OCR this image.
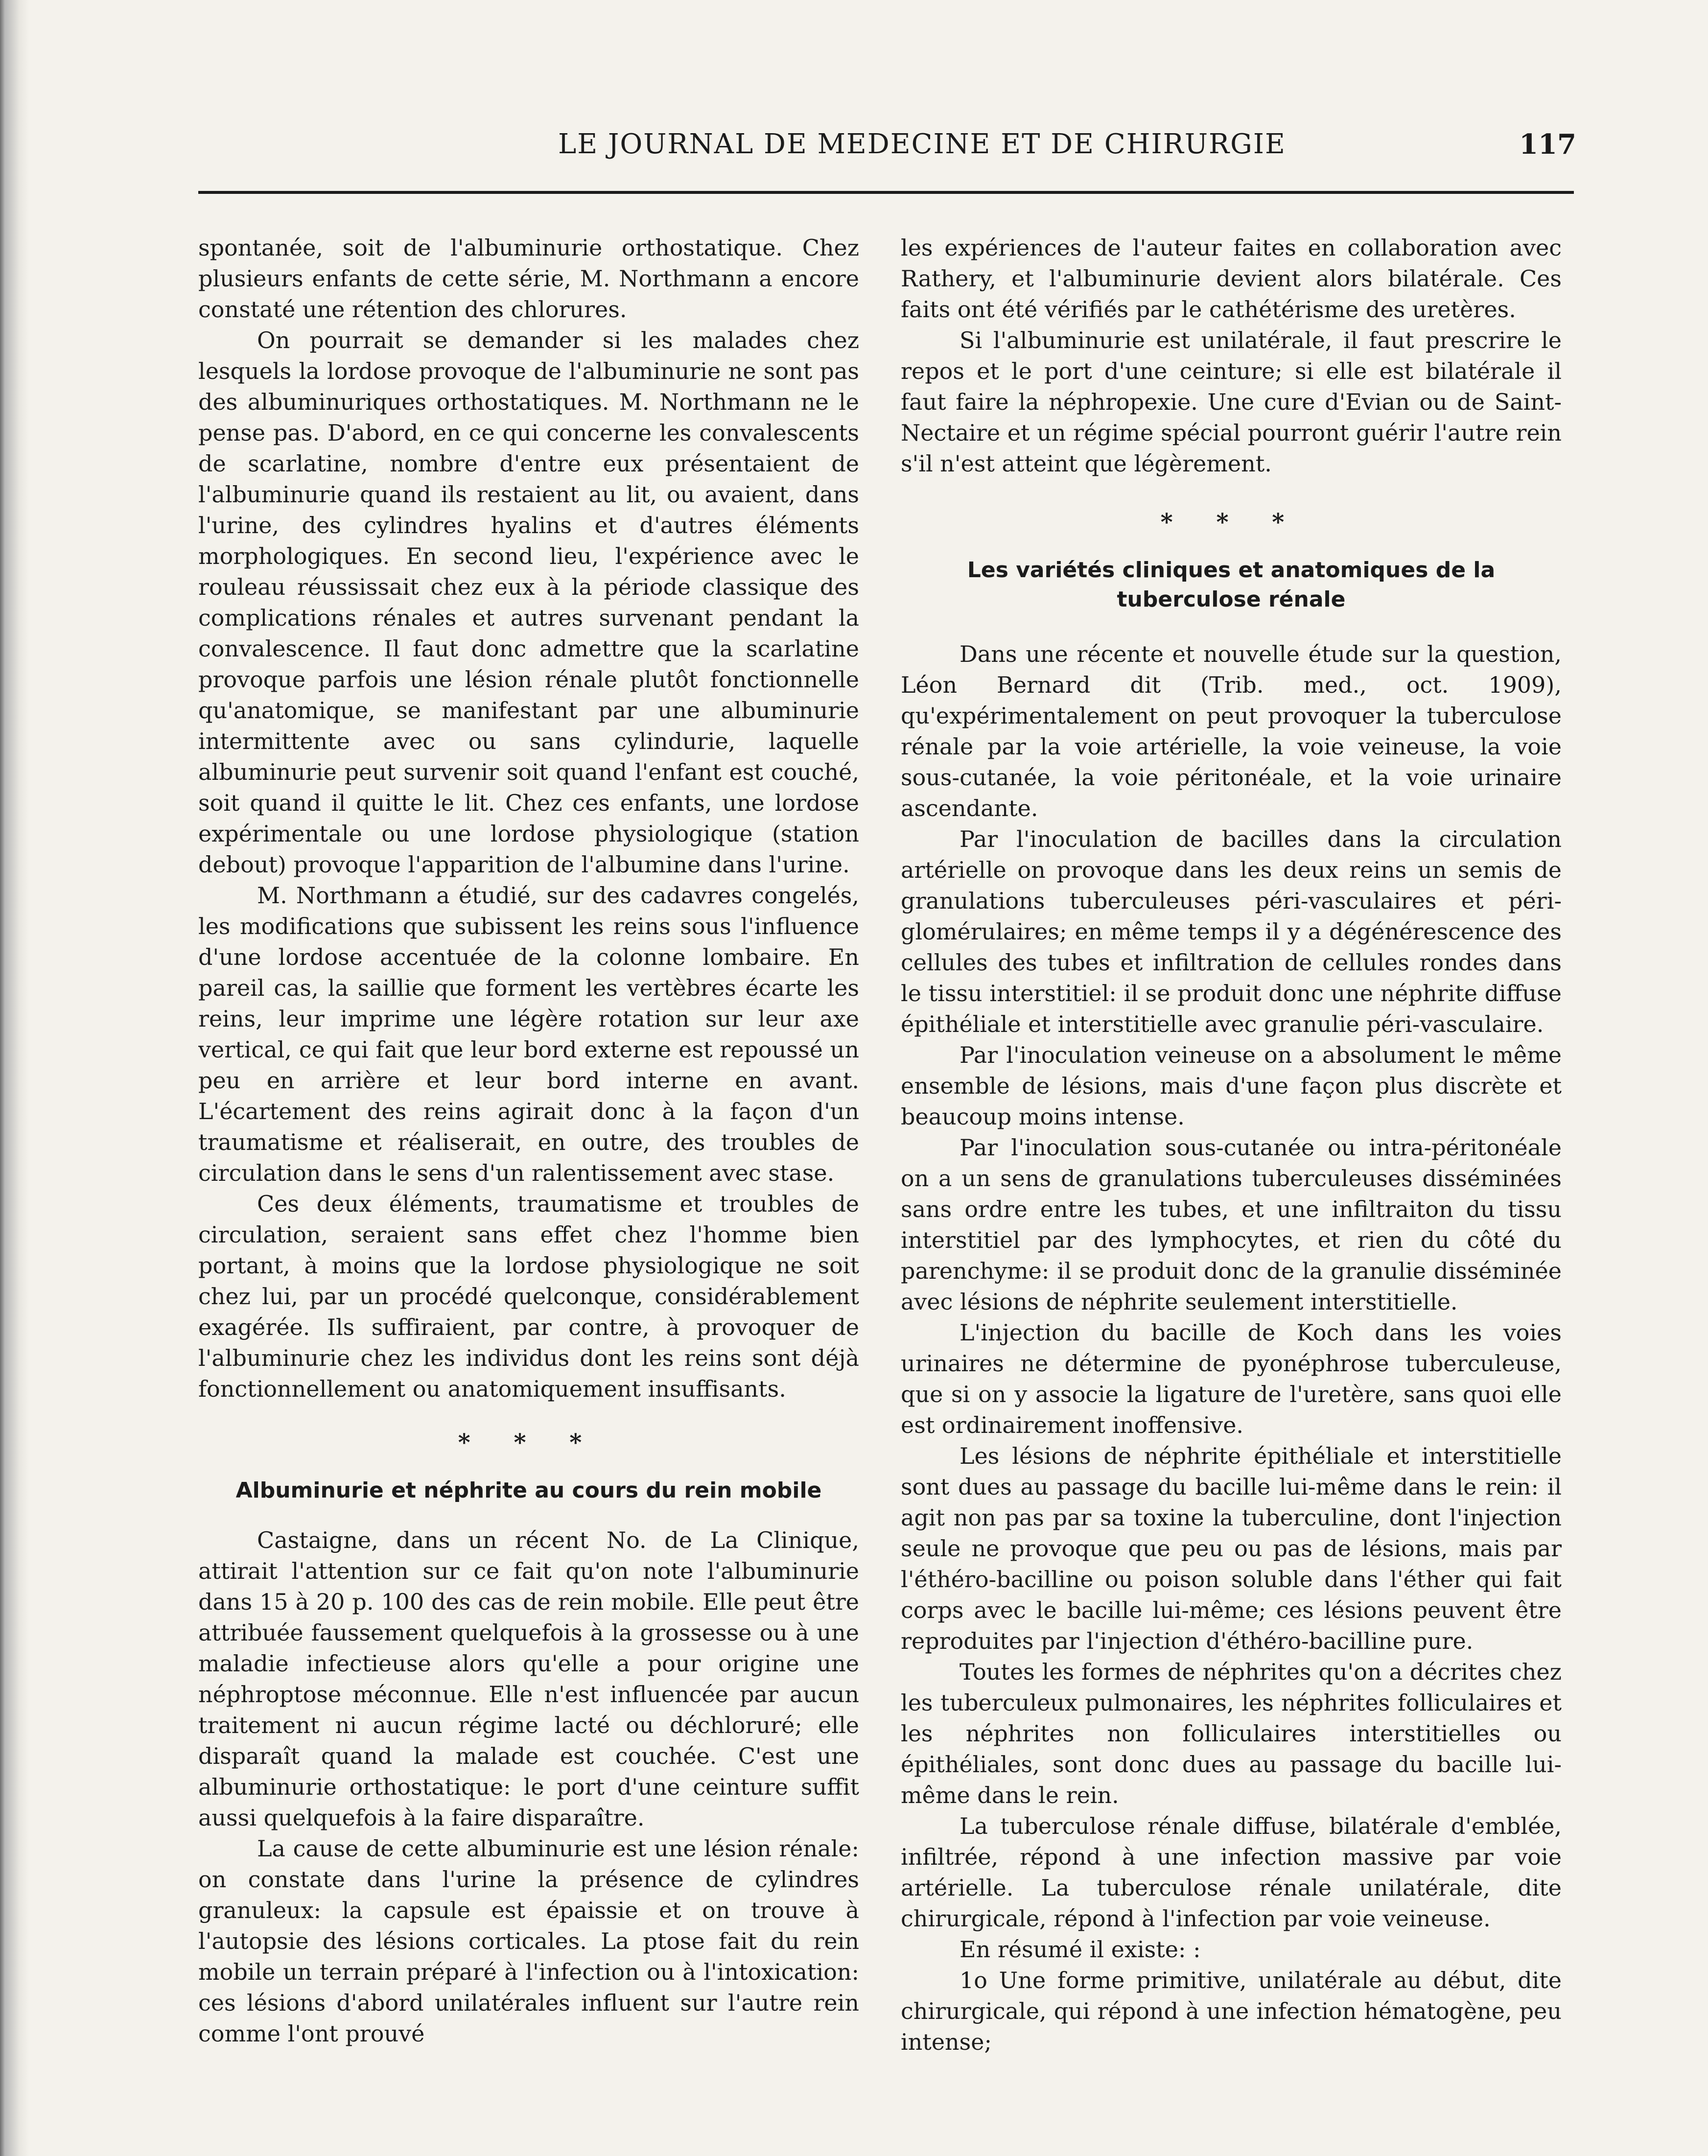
LE JOURNAL DE MEDECINE ET DE CHIRURGIE	117

spontanée, soit de l'albuminurie orthostatique. Chez plusieurs enfants de cette série, M. Northmann a encore constaté une rétention des chlorures.

On pourrait se demander si les malades chez lesquels la lordose provoque de l'albuminurie ne sont pas des albuminuriques orthostatiques. M. Northmann ne le pense pas. D'abord, en ce qui concerne les convalescents de scarlatine, nombre d'entre eux présentaient de l'albuminurie quand ils restaient au lit, ou avaient, dans l'urine, des cylindres hyalins et d'autres éléments morphologiques. En second lieu, l'expérience avec le rouleau réussissait chez eux à la période classique des complications rénales et autres survenant pendant la convalescence. Il faut donc admettre que la scarlatine provoque parfois une lésion rénale plutôt fonctionnelle qu'anatomique, se manifestant par une albuminurie intermittente avec ou sans cylindurie, laquelle albuminurie peut survenir soit quand l'enfant est couché, soit quand il quitte le lit. Chez ces enfants, une lordose expérimentale ou une lordose physiologique (station debout) provoque l'apparition de l'albumine dans l'urine.

M. Northmann a étudié, sur des cadavres congelés, les modifications que subissent les reins sous l'influence d'une lordose accentuée de la colonne lombaire. En pareil cas, la saillie que forment les vertèbres écarte les reins, leur imprime une légère rotation sur leur axe vertical, ce qui fait que leur bord externe est repoussé un peu en arrière et leur bord interne en avant. L'écartement des reins agirait donc à la façon d'un traumatisme et réaliserait, en outre, des troubles de circulation dans le sens d'un ralentissement avec stase.

Ces deux éléments, traumatisme et troubles de circulation, seraient sans effet chez l'homme bien portant, à moins que la lordose physiologique ne soit chez lui, par un procédé quelconque, considérablement exagérée. Ils suffiraient, par contre, à provoquer de l'albuminurie chez les individus dont les reins sont déjà fonctionnellement ou anatomiquement insuffisants.

* * *

Albuminurie et néphrite au cours du rein mobile

Castaigne, dans un récent No. de La Clinique, attirait l'attention sur ce fait qu'on note l'albuminurie dans 15 à 20 p. 100 des cas de rein mobile. Elle peut être attribuée faussement quelquefois à la grossesse ou à une maladie infectieuse alors qu'elle a pour origine une néphroptose méconnue. Elle n'est influencée par aucun traitement ni aucun régime lacté ou déchloruré; elle disparaît quand la malade est couchée. C'est une albuminurie orthostatique: le port d'une ceinture suffit aussi quelquefois à la faire disparaître.

La cause de cette albuminurie est une lésion rénale: on constate dans l'urine la présence de cylindres granuleux: la capsule est épaissie et on trouve à l'autopsie des lésions corticales. La ptose fait du rein mobile un terrain préparé à l'infection ou à l'intoxication: ces lésions d'abord unilatérales influent sur l'autre rein comme l'ont prouvé

les expériences de l'auteur faites en collaboration avec Rathery, et l'albuminurie devient alors bilatérale. Ces faits ont été vérifiés par le cathétérisme des uretères.

Si l'albuminurie est unilatérale, il faut prescrire le repos et le port d'une ceinture; si elle est bilatérale il faut faire la néphropexie. Une cure d'Evian ou de Saint-Nectaire et un régime spécial pourront guérir l'autre rein s'il n'est atteint que légèrement.

* * *

Les variétés cliniques et anatomiques de la tuberculose rénale

Dans une récente et nouvelle étude sur la question, Léon Bernard dit (Trib. med., oct. 1909), qu'expérimentalement on peut provoquer la tuberculose rénale par la voie artérielle, la voie veineuse, la voie sous-cutanée, la voie péritonéale, et la voie urinaire ascendante.

Par l'inoculation de bacilles dans la circulation artérielle on provoque dans les deux reins un semis de granulations tuberculeuses péri-vasculaires et péri-glomérulaires; en même temps il y a dégénérescence des cellules des tubes et infiltration de cellules rondes dans le tissu interstitiel: il se produit donc une néphrite diffuse épithéliale et interstitielle avec granulie péri-vasculaire.

Par l'inoculation veineuse on a absolument le même ensemble de lésions, mais d'une façon plus discrète et beaucoup moins intense.

Par l'inoculation sous-cutanée ou intra-péritonéale on a un sens de granulations tuberculeuses disséminées sans ordre entre les tubes, et une infiltraiton du tissu interstitiel par des lymphocytes, et rien du côté du parenchyme: il se produit donc de la granulie disséminée avec lésions de néphrite seulement interstitielle.

L'injection du bacille de Koch dans les voies urinaires ne détermine de pyonéphrose tuberculeuse, que si on y associe la ligature de l'uretère, sans quoi elle est ordinairement inoffensive.

Les lésions de néphrite épithéliale et interstitielle sont dues au passage du bacille lui-même dans le rein: il agit non pas par sa toxine la tuberculine, dont l'injection seule ne provoque que peu ou pas de lésions, mais par l'éthéro-bacilline ou poison soluble dans l'éther qui fait corps avec le bacille lui-même; ces lésions peuvent être reproduites par l'injection d'éthéro-bacilline pure.

Toutes les formes de néphrites qu'on a décrites chez les tuberculeux pulmonaires, les néphrites folliculaires et les néphrites non folliculaires interstitielles ou épithéliales, sont donc dues au passage du bacille lui-même dans le rein.

La tuberculose rénale diffuse, bilatérale d'emblée, infiltrée, répond à une infection massive par voie artérielle. La tuberculose rénale unilatérale, dite chirurgicale, répond à l'infection par voie veineuse.

En résumé il existe: :

1o Une forme primitive, unilatérale au début, dite chirurgicale, qui répond à une infection hématogène, peu intense;
